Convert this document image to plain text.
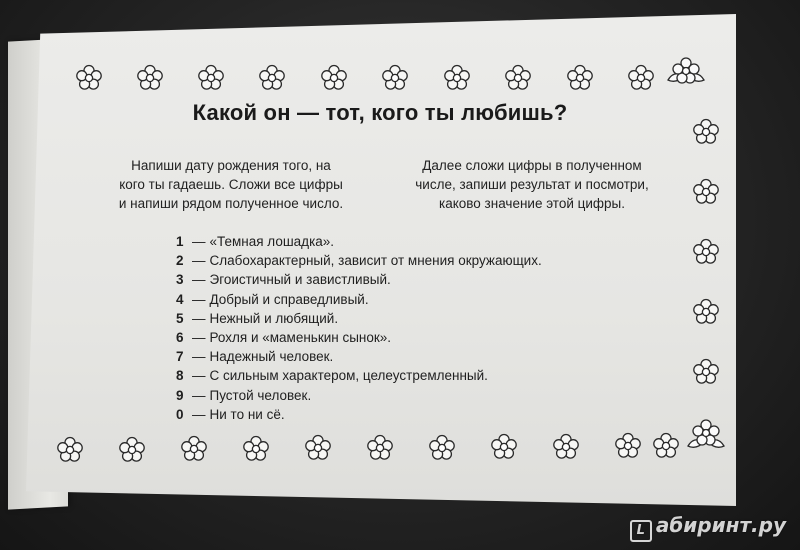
Какой он — тот, кого ты любишь?
Напиши дату рождения того, на
кого ты гадаешь. Сложи все цифры
и напиши рядом полученное число.
Далее сложи цифры в полученном
числе, запиши результат и посмотри,
каково значение этой цифры.
1 — «Темная лошадка».
2 — Слабохарактерный, зависит от мнения окружающих.
3 — Эгоистичный и завистливый.
4 — Добрый и справедливый.
5 — Нежный и любящий.
6 — Рохля и «маменькин сынок».
7 — Надежный человек.
8 — С сильным характером, целеустремленный.
9 — Пустой человек.
0 — Ни то ни сё.
L абиринт.ру
